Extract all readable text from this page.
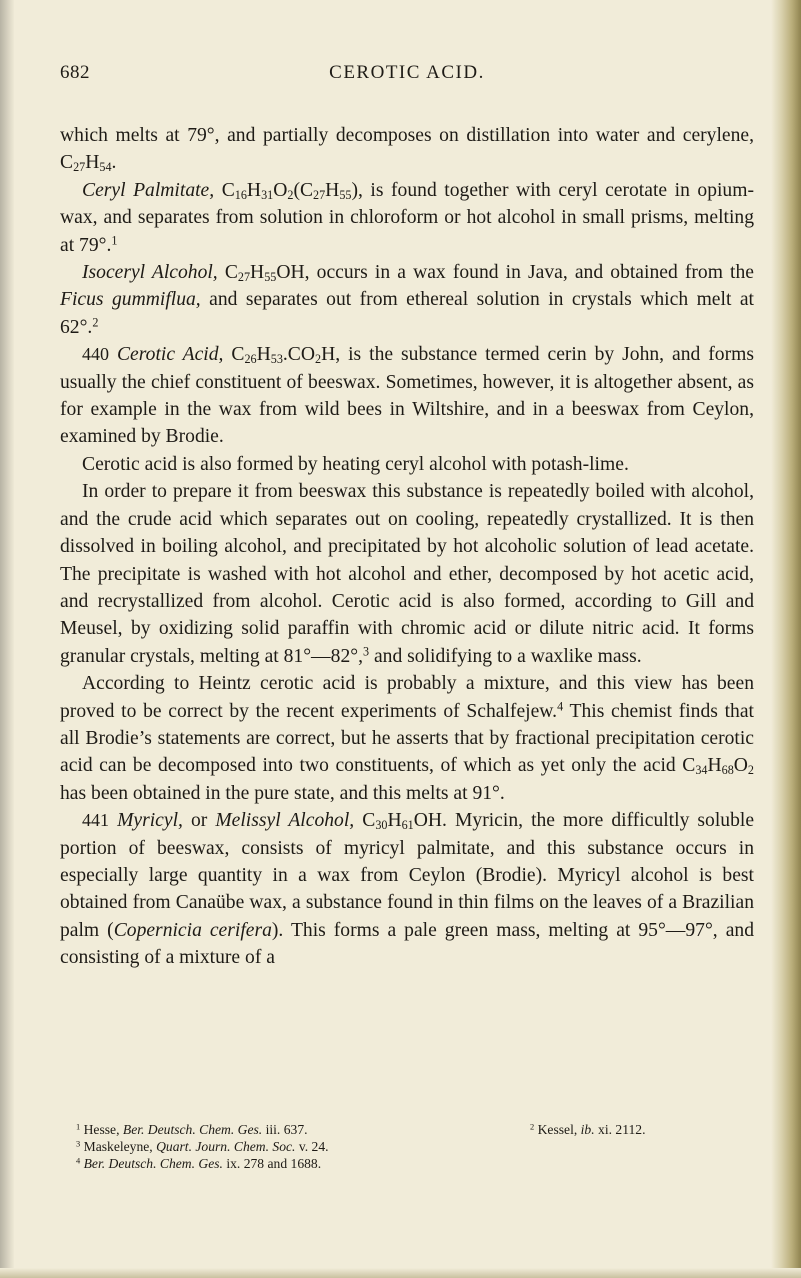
682	CEROTIC ACID.

which melts at 79°, and partially decomposes on distillation into water and cerylene, $C_{27}H_{54}$.

Ceryl Palmitate, $C_{16}H_{31}O_2(C_{27}H_{55})$, is found together with ceryl cerotate in opium-wax, and separates from solution in chloroform or hot alcohol in small prisms, melting at 79°.$^1$

Isoceryl Alcohol, $C_{27}H_{55}OH$, occurs in a wax found in Java, and obtained from the Ficus gummiflua, and separates out from ethereal solution in crystals which melt at 62°.$^2$

440 Cerotic Acid, $C_{26}H_{53}.CO_2H$, is the substance termed cerin by John, and forms usually the chief constituent of beeswax. Sometimes, however, it is altogether absent, as for example in the wax from wild bees in Wiltshire, and in a beeswax from Ceylon, examined by Brodie.

Cerotic acid is also formed by heating ceryl alcohol with potash-lime.

In order to prepare it from beeswax this substance is repeatedly boiled with alcohol, and the crude acid which separates out on cooling, repeatedly crystallized. It is then dissolved in boiling alcohol, and precipitated by hot alcoholic solution of lead acetate. The precipitate is washed with hot alcohol and ether, decomposed by hot acetic acid, and recrystallized from alcohol. Cerotic acid is also formed, according to Gill and Meusel, by oxidizing solid paraffin with chromic acid or dilute nitric acid. It forms granular crystals, melting at 81°—82°,$^3$ and solidifying to a waxlike mass.

According to Heintz cerotic acid is probably a mixture, and this view has been proved to be correct by the recent experiments of Schalfejew.$^4$ This chemist finds that all Brodie’s statements are correct, but he asserts that by fractional precipitation cerotic acid can be decomposed into two constituents, of which as yet only the acid $C_{34}H_{68}O_2$ has been obtained in the pure state, and this melts at 91°.

441 Myricyl, or Melissyl Alcohol, $C_{30}H_{61}OH$. Myricin, the more difficultly soluble portion of beeswax, consists of myricyl palmitate, and this substance occurs in especially large quantity in a wax from Ceylon (Brodie). Myricyl alcohol is best obtained from Canaübe wax, a substance found in thin films on the leaves of a Brazilian palm (Copernicia cerifera). This forms a pale green mass, melting at 95°—97°, and consisting of a mixture of a

$^1$ Hesse, Ber. Deutsch. Chem. Ges. iii. 637.	$^2$ Kessel, ib. xi. 2112.
$^3$ Maskeleyne, Quart. Journ. Chem. Soc. v. 24.
$^4$ Ber. Deutsch. Chem. Ges. ix. 278 and 1688.
